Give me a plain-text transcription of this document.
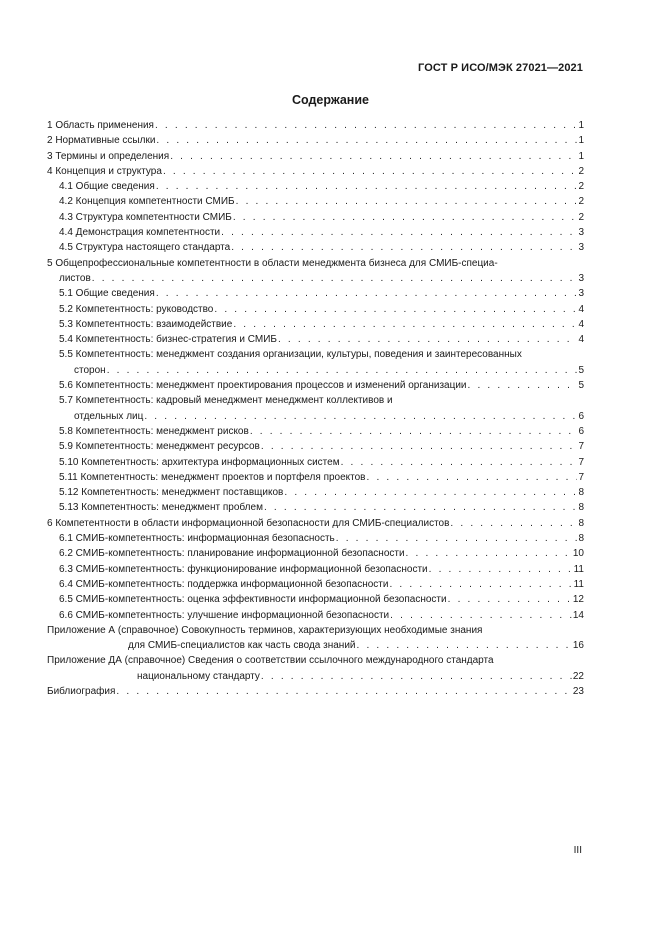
ГОСТ Р ИСО/МЭК 27021—2021
Содержание
1 Область применения . . .	1
2 Нормативные ссылки . . .	1
3 Термины и определения . . .	1
4 Концепция и структура . . .	2
4.1 Общие сведения . . .	2
4.2 Концепция компетентности СМИБ . . .	2
4.3 Структура компетентности СМИБ . . .	2
4.4 Демонстрация компетентности . . .	3
4.5 Структура настоящего стандарта . . .	3
5 Общепрофессиональные компетентности в области менеджмента бизнеса для СМИБ-специа-
листов . . .	3
5.1 Общие сведения . . .	3
5.2 Компетентность: руководство . . .	4
5.3 Компетентность: взаимодействие . . .	4
5.4 Компетентность: бизнес-стратегия и СМИБ . . .	4
5.5 Компетентность: менеджмент создания организации, культуры, поведения и заинтересованных
сторон . . .	5
5.6 Компетентность: менеджмент проектирования процессов и изменений организации . . .	5
5.7 Компетентность: кадровый менеджмент менеджмент коллективов и
отдельных лиц . . .	6
5.8 Компетентность: менеджмент рисков . . .	6
5.9 Компетентность: менеджмент ресурсов . . .	7
5.10 Компетентность: архитектура информационных систем . . .	7
5.11 Компетентность: менеджмент проектов и портфеля проектов . . .	7
5.12 Компетентность: менеджмент поставщиков . . .	8
5.13 Компетентность: менеджмент проблем . . .	8
6 Компетентности в области информационной безопасности для СМИБ-специалистов . . .	8
6.1 СМИБ-компетентность: информационная безопасность . . .	8
6.2 СМИБ-компетентность: планирование информационной безопасности . . .	10
6.3 СМИБ-компетентность: функционирование информационной безопасности . . .	11
6.4 СМИБ-компетентность: поддержка информационной безопасности . . .	11
6.5 СМИБ-компетентность: оценка эффективности информационной безопасности . . .	12
6.6 СМИБ-компетентность: улучшение информационной безопасности . . .	14
Приложение А (справочное) Совокупность терминов, характеризующих необходимые знания
для СМИБ-специалистов как часть свода знаний . . .	16
Приложение ДА (справочное) Сведения о соответствии ссылочного международного стандарта
национальному стандарту . . .	22
Библиография . . .	23
III
